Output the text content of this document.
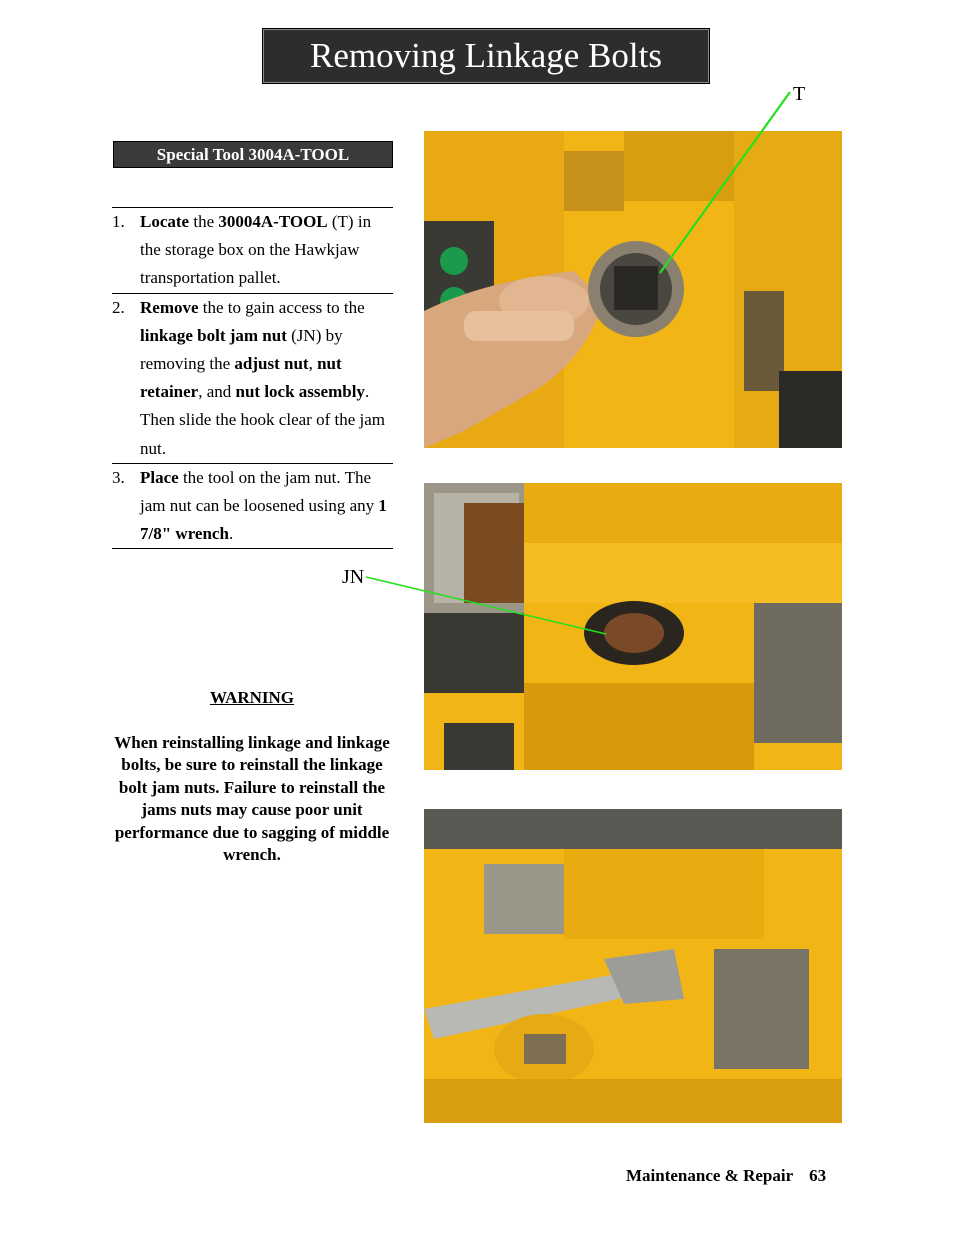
Removing Linkage Bolts
Special Tool 3004A-TOOL
1. Locate the 30004A-TOOL (T) in the storage box on the Hawkjaw transportation pallet.
2. Remove the to gain access to the linkage bolt jam nut (JN) by removing the adjust nut, nut retainer, and nut lock assembly. Then slide the hook clear of the jam nut.
3. Place the tool on the jam nut. The jam nut can be loosened using any 1 7/8" wrench.
WARNING
When reinstalling linkage and linkage bolts, be sure to reinstall the linkage bolt jam nuts. Failure to reinstall the jams nuts may cause poor unit performance due to sagging of middle wrench.
T
JN
Maintenance & Repair 63
